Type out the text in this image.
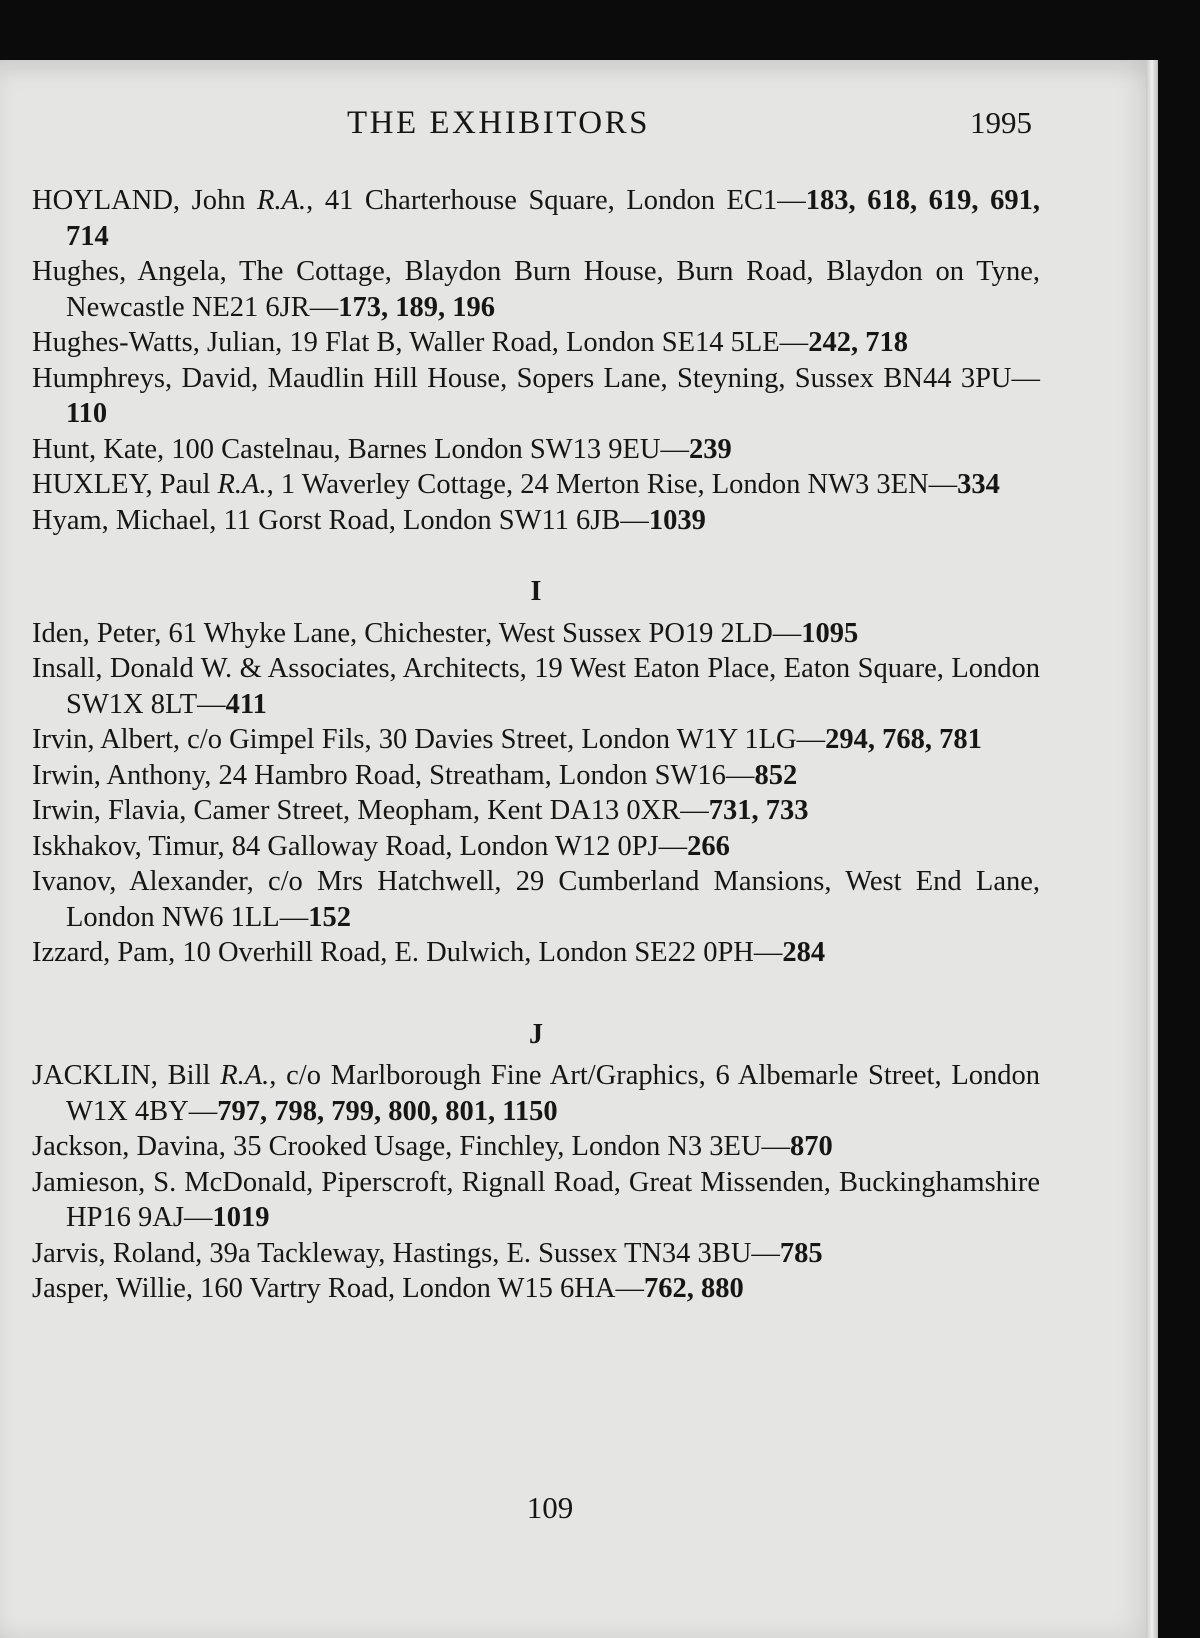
THE EXHIBITORS	1995
HOYLAND, John R.A., 41 Charterhouse Square, London EC1—183, 618, 619, 691, 714
Hughes, Angela, The Cottage, Blaydon Burn House, Burn Road, Blaydon on Tyne, Newcastle NE21 6JR—173, 189, 196
Hughes-Watts, Julian, 19 Flat B, Waller Road, London SE14 5LE—242, 718
Humphreys, David, Maudlin Hill House, Sopers Lane, Steyning, Sussex BN44 3PU—110
Hunt, Kate, 100 Castelnau, Barnes London SW13 9EU—239
HUXLEY, Paul R.A., 1 Waverley Cottage, 24 Merton Rise, London NW3 3EN—334
Hyam, Michael, 11 Gorst Road, London SW11 6JB—1039
I
Iden, Peter, 61 Whyke Lane, Chichester, West Sussex PO19 2LD—1095
Insall, Donald W. & Associates, Architects, 19 West Eaton Place, Eaton Square, London SW1X 8LT—411
Irvin, Albert, c/o Gimpel Fils, 30 Davies Street, London W1Y 1LG—294, 768, 781
Irwin, Anthony, 24 Hambro Road, Streatham, London SW16—852
Irwin, Flavia, Camer Street, Meopham, Kent DA13 0XR—731, 733
Iskhakov, Timur, 84 Galloway Road, London W12 0PJ—266
Ivanov, Alexander, c/o Mrs Hatchwell, 29 Cumberland Mansions, West End Lane, London NW6 1LL—152
Izzard, Pam, 10 Overhill Road, E. Dulwich, London SE22 0PH—284
J
JACKLIN, Bill R.A., c/o Marlborough Fine Art/Graphics, 6 Albemarle Street, London W1X 4BY—797, 798, 799, 800, 801, 1150
Jackson, Davina, 35 Crooked Usage, Finchley, London N3 3EU—870
Jamieson, S. McDonald, Piperscroft, Rignall Road, Great Missenden, Buckinghamshire HP16 9AJ—1019
Jarvis, Roland, 39a Tackleway, Hastings, E. Sussex TN34 3BU—785
Jasper, Willie, 160 Vartry Road, London W15 6HA—762, 880
109
